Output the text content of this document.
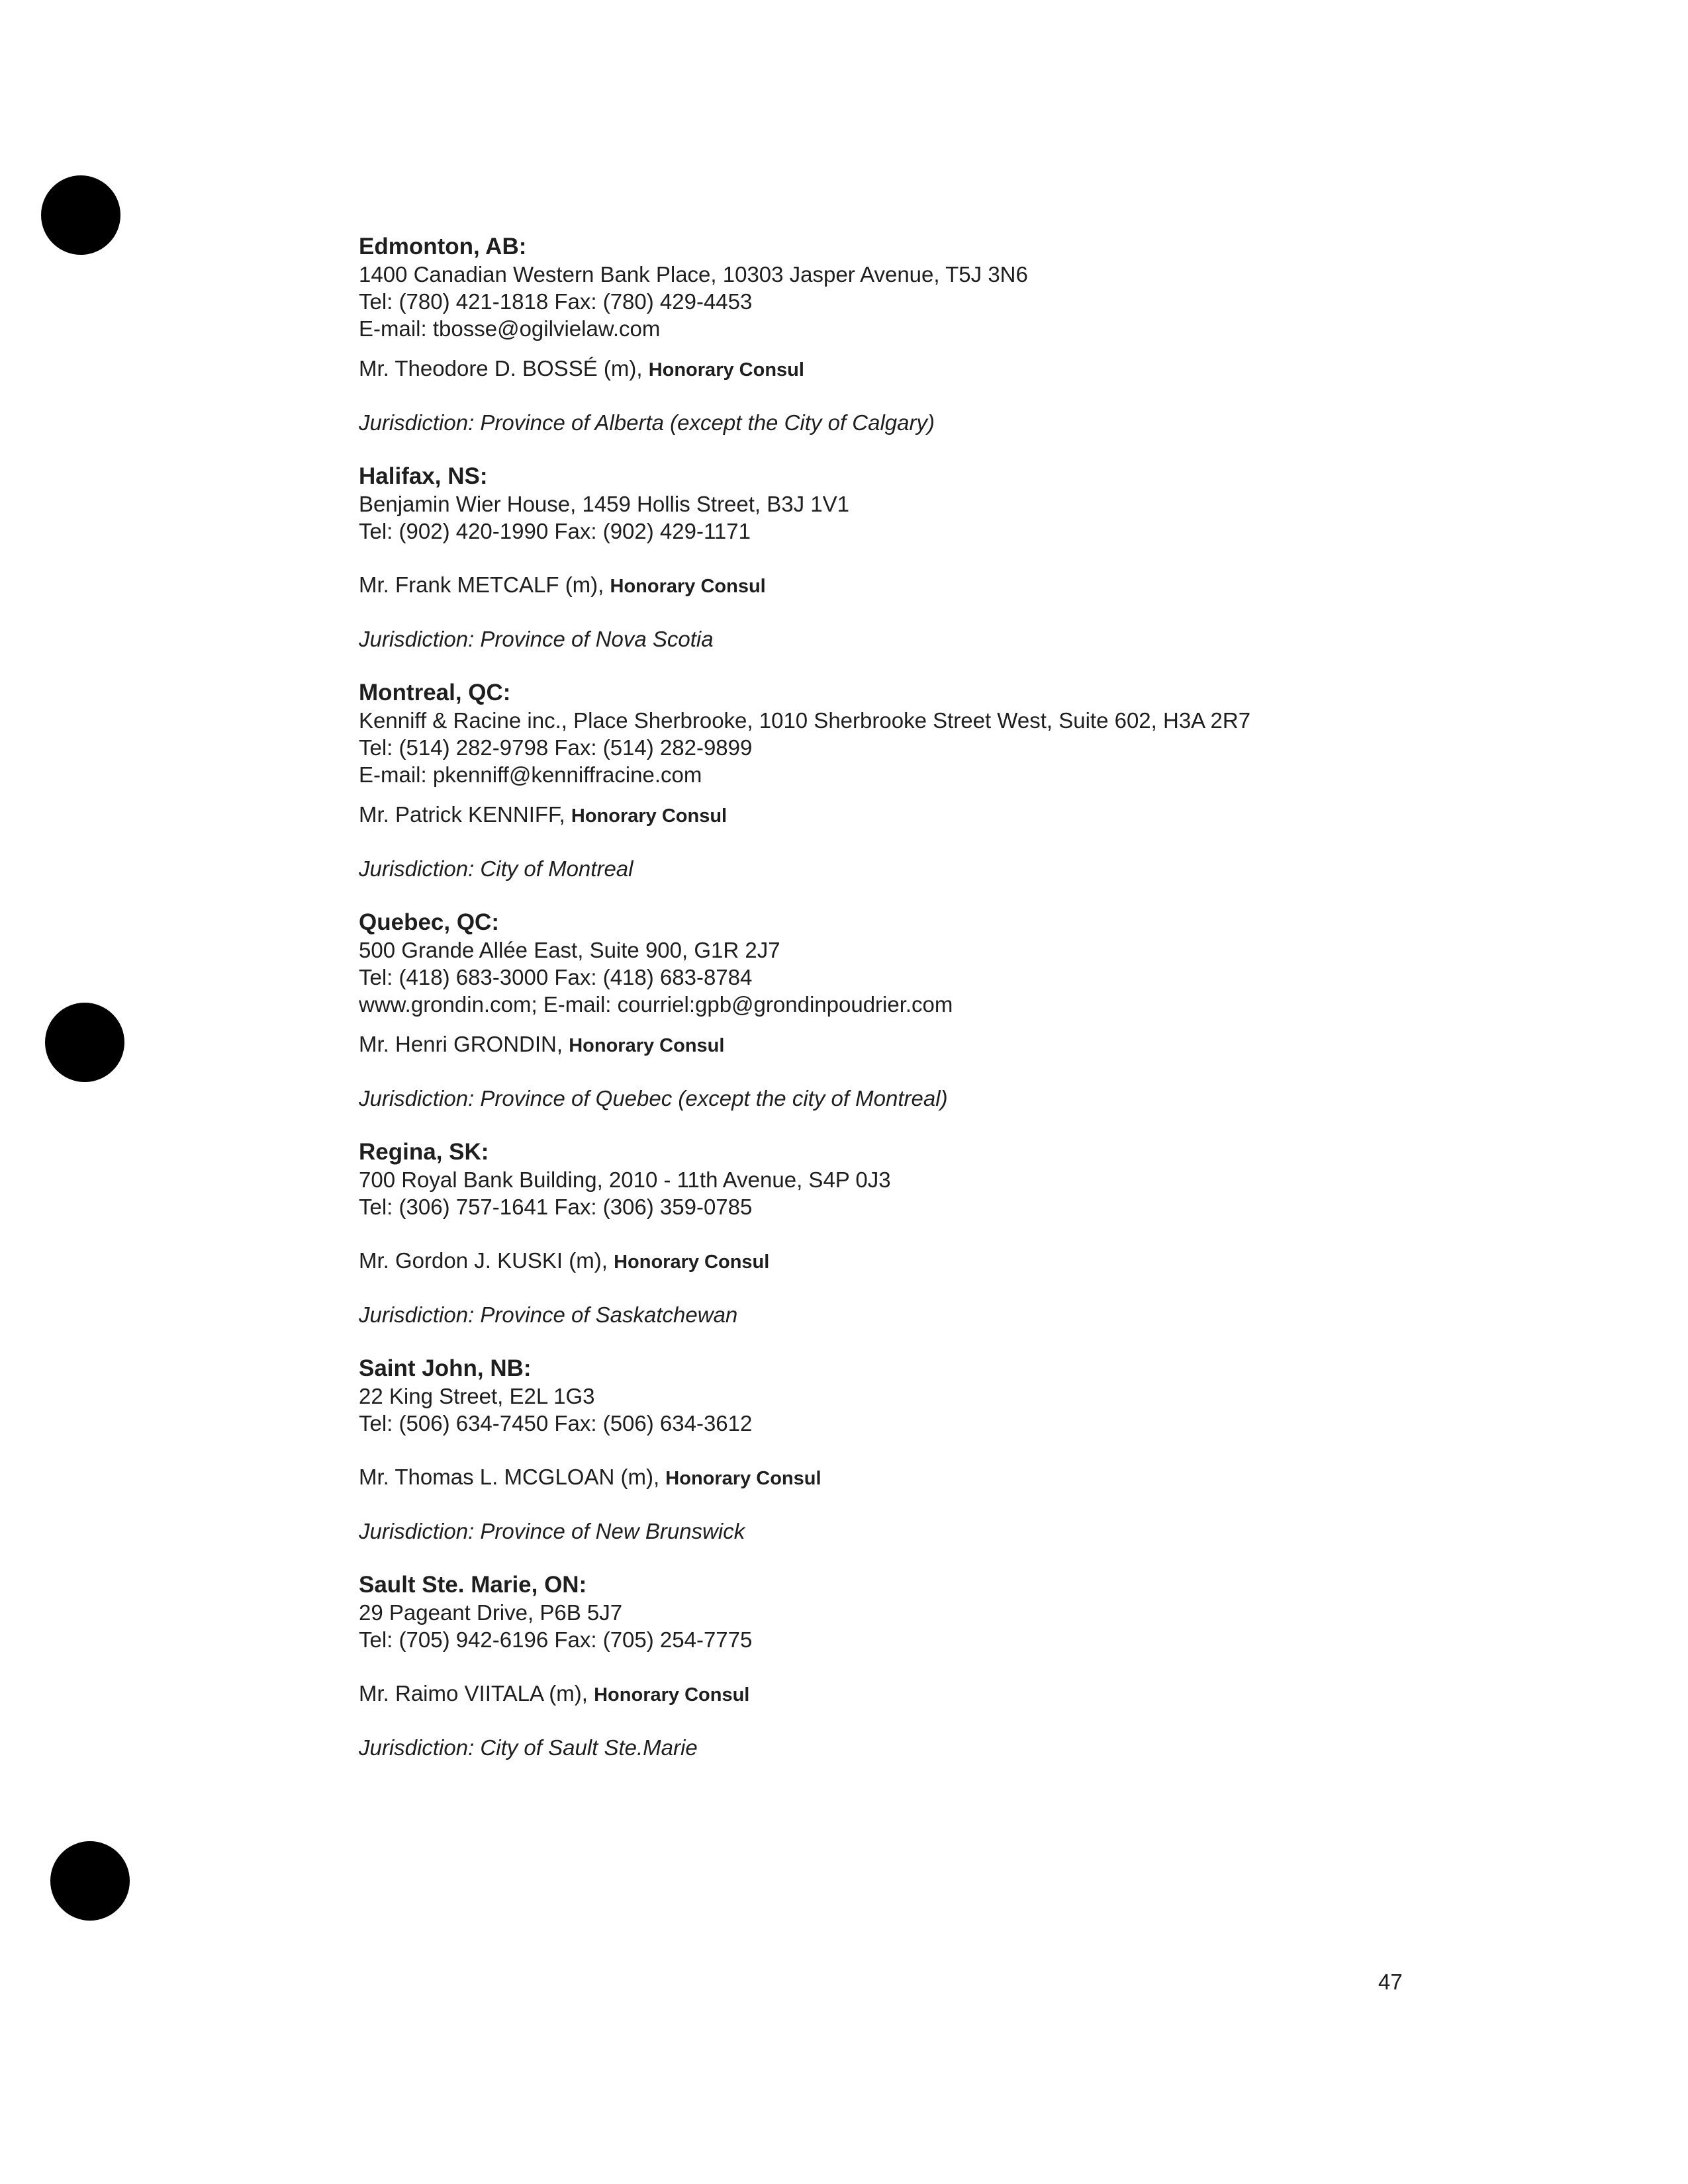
Edmonton, AB:
1400 Canadian Western Bank Place, 10303 Jasper Avenue, T5J 3N6
Tel: (780) 421-1818 Fax: (780) 429-4453
E-mail: tbosse@ogilvielaw.com
Mr. Theodore D. BOSSÉ (m), Honorary Consul
Jurisdiction: Province of Alberta (except the City of Calgary)
Halifax, NS:
Benjamin Wier House, 1459 Hollis Street, B3J 1V1
Tel: (902) 420-1990 Fax: (902) 429-1171
Mr. Frank METCALF (m), Honorary Consul
Jurisdiction: Province of Nova Scotia
Montreal, QC:
Kenniff & Racine inc., Place Sherbrooke, 1010 Sherbrooke Street West, Suite 602, H3A 2R7
Tel: (514) 282-9798 Fax: (514) 282-9899
E-mail: pkenniff@kenniffracine.com
Mr. Patrick KENNIFF, Honorary Consul
Jurisdiction: City of Montreal
Quebec, QC:
500 Grande Allée East, Suite 900, G1R 2J7
Tel: (418) 683-3000 Fax: (418) 683-8784
www.grondin.com; E-mail: courriel:gpb@grondinpoudrier.com
Mr. Henri GRONDIN, Honorary Consul
Jurisdiction: Province of Quebec (except the city of Montreal)
Regina, SK:
700 Royal Bank Building, 2010 - 11th Avenue, S4P 0J3
Tel: (306) 757-1641 Fax: (306) 359-0785
Mr. Gordon J. KUSKI (m), Honorary Consul
Jurisdiction: Province of Saskatchewan
Saint John, NB:
22 King Street, E2L 1G3
Tel: (506) 634-7450 Fax: (506) 634-3612
Mr. Thomas L. MCGLOAN (m), Honorary Consul
Jurisdiction: Province of New Brunswick
Sault Ste. Marie, ON:
29 Pageant Drive, P6B 5J7
Tel: (705) 942-6196 Fax: (705) 254-7775
Mr. Raimo VIITALA (m), Honorary Consul
Jurisdiction: City of Sault Ste.Marie
47
